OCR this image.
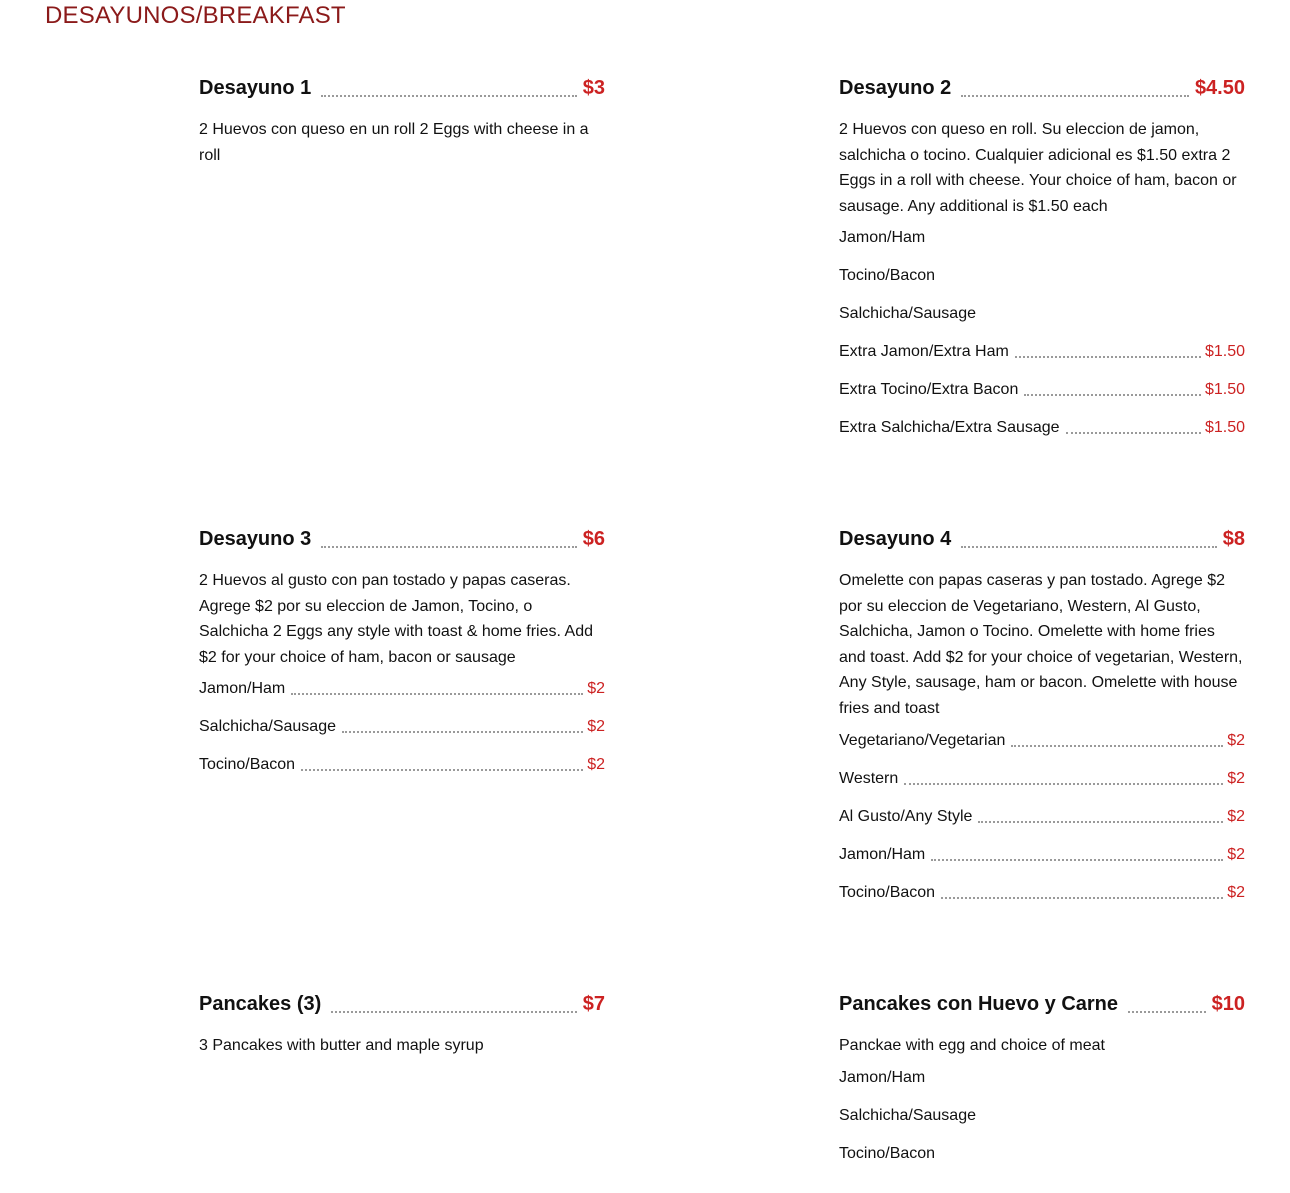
DESAYUNOS/BREAKFAST
Desayuno 1	$3

2 Huevos con queso en un roll 2 Eggs with cheese in a roll

Desayuno 2	$4.50

2 Huevos con queso en roll. Su eleccion de jamon, salchicha o tocino. Cualquier adicional es $1.50 extra 2 Eggs in a roll with cheese. Your choice of ham, bacon or sausage. Any additional is $1.50 each

Jamon/Ham
Tocino/Bacon
Salchicha/Sausage
Extra Jamon/Extra Ham	$1.50
Extra Tocino/Extra Bacon	$1.50
Extra Salchicha/Extra Sausage	$1.50
Desayuno 3	$6

2 Huevos al gusto con pan tostado y papas caseras. Agrege $2 por su eleccion de Jamon, Tocino, o Salchicha 2 Eggs any style with toast & home fries. Add $2 for your choice of ham, bacon or sausage

Jamon/Ham	$2
Salchicha/Sausage	$2
Tocino/Bacon	$2
Desayuno 4	$8

Omelette con papas caseras y pan tostado. Agrege $2 por su eleccion de Vegetariano, Western, Al Gusto, Salchicha, Jamon o Tocino. Omelette with home fries and toast. Add $2 for your choice of vegetarian, Western, Any Style, sausage, ham or bacon. Omelette with house fries and toast

Vegetariano/Vegetarian	$2
Western	$2
Al Gusto/Any Style	$2
Jamon/Ham	$2
Tocino/Bacon	$2
Pancakes (3)	$7

3 Pancakes with butter and maple syrup

Pancakes con Huevo y Carne	$10

Panckae with egg and choice of meat

Jamon/Ham
Salchicha/Sausage
Tocino/Bacon
